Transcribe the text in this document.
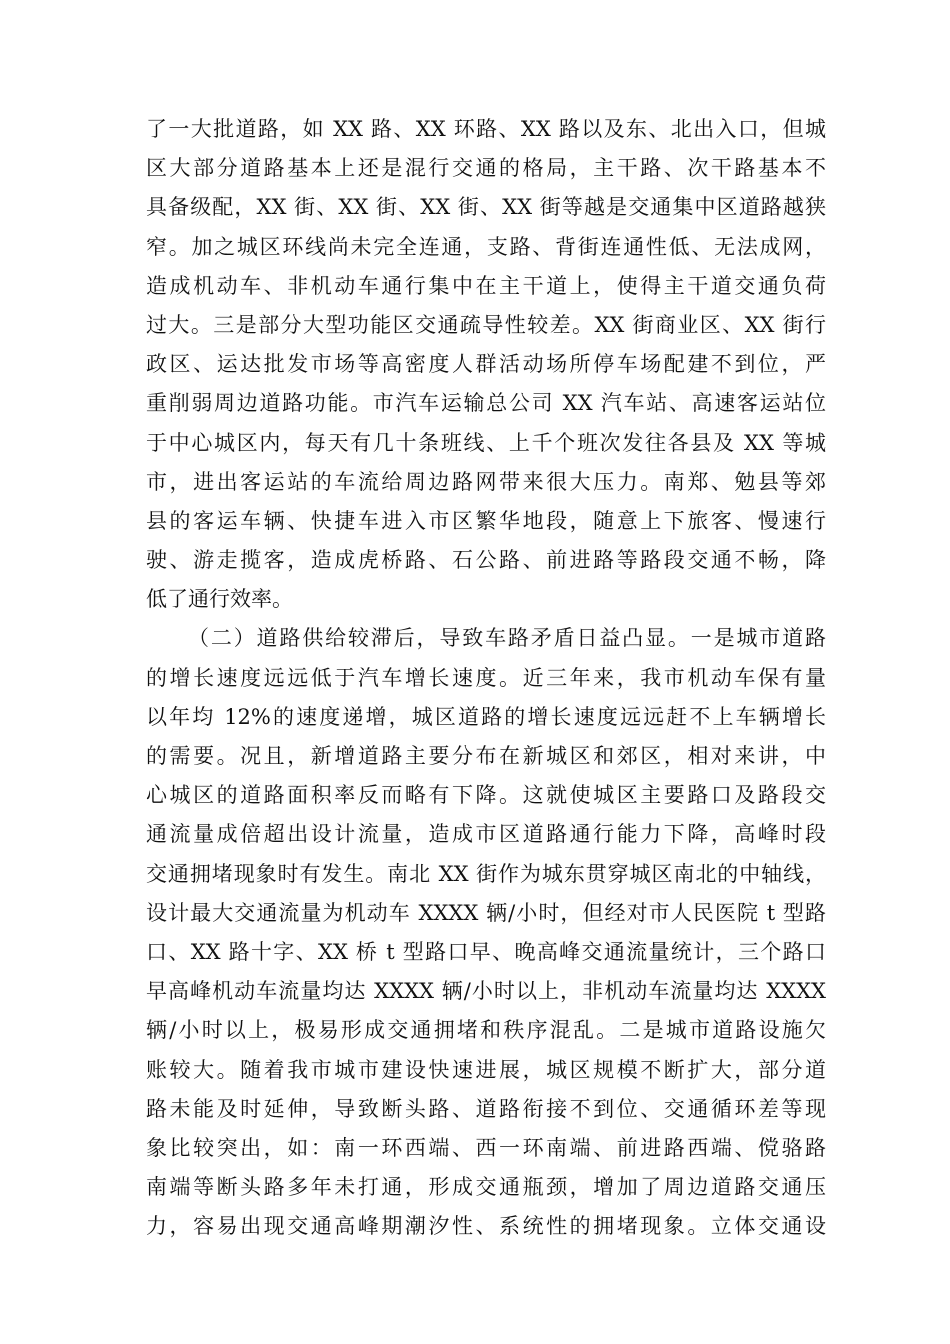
了一大批道路，如 XX 路、XX 环路、XX 路以及东、北出入口，但城
区大部分道路基本上还是混行交通的格局，主干路、次干路基本不
具备级配，XX 街、XX 街、XX 街、XX 街等越是交通集中区道路越狭
窄。加之城区环线尚未完全连通，支路、背街连通性低、无法成网，
造成机动车、非机动车通行集中在主干道上，使得主干道交通负荷
过大。三是部分大型功能区交通疏导性较差。XX 街商业区、XX 街行
政区、运达批发市场等高密度人群活动场所停车场配建不到位，严
重削弱周边道路功能。市汽车运输总公司 XX 汽车站、高速客运站位
于中心城区内，每天有几十条班线、上千个班次发往各县及 XX 等城
市，进出客运站的车流给周边路网带来很大压力。南郑、勉县等郊
县的客运车辆、快捷车进入市区繁华地段，随意上下旅客、慢速行
驶、游走揽客，造成虎桥路、石公路、前进路等路段交通不畅，降
低了通行效率。
（二）道路供给较滞后，导致车路矛盾日益凸显。一是城市道路
的增长速度远远低于汽车增长速度。近三年来，我市机动车保有量
以年均 12%的速度递增，城区道路的增长速度远远赶不上车辆增长
的需要。况且，新增道路主要分布在新城区和郊区，相对来讲，中
心城区的道路面积率反而略有下降。这就使城区主要路口及路段交
通流量成倍超出设计流量，造成市区道路通行能力下降，高峰时段
交通拥堵现象时有发生。南北 XX 街作为城东贯穿城区南北的中轴线，
设计最大交通流量为机动车 XXXX 辆/小时，但经对市人民医院 t 型路
口、XX 路十字、XX 桥 t 型路口早、晚高峰交通流量统计，三个路口
早高峰机动车流量均达 XXXX 辆/小时以上，非机动车流量均达 XXXX
辆/小时以上，极易形成交通拥堵和秩序混乱。二是城市道路设施欠
账较大。随着我市城市建设快速进展，城区规模不断扩大，部分道
路未能及时延伸，导致断头路、道路衔接不到位、交通循环差等现
象比较突出，如：南一环西端、西一环南端、前进路西端、傥骆路
南端等断头路多年未打通，形成交通瓶颈，增加了周边道路交通压
力，容易出现交通高峰期潮汐性、系统性的拥堵现象。立体交通设
